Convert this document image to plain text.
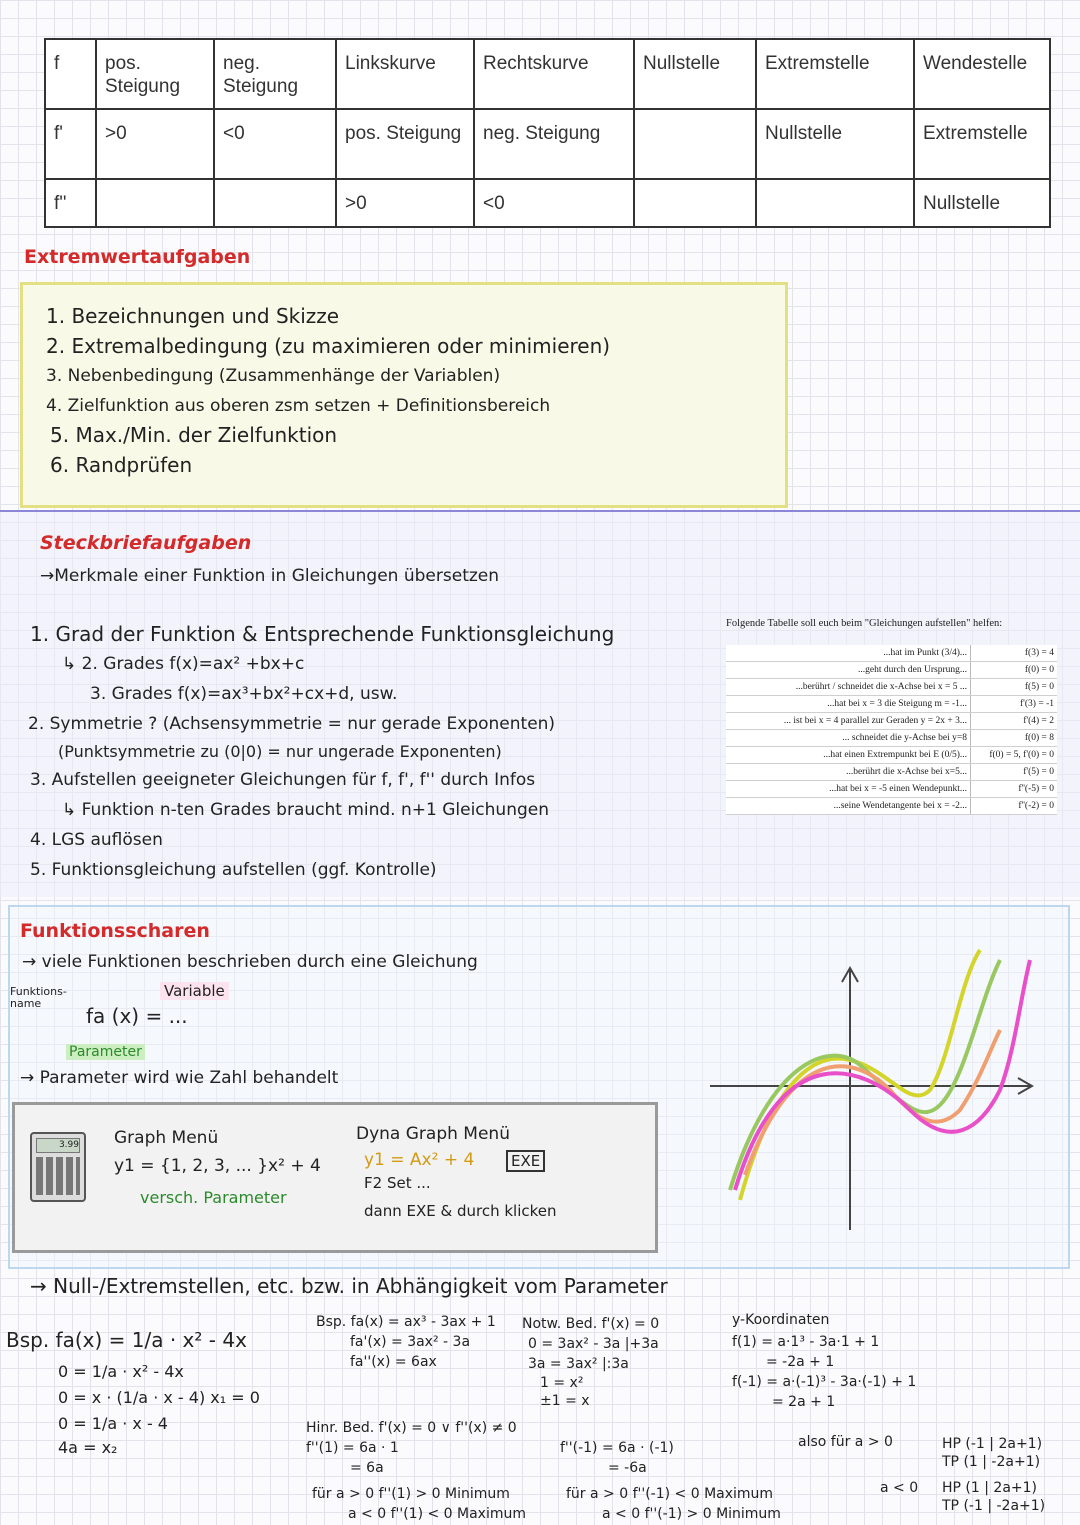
f	pos. Steigung	neg. Steigung	Linkskurve	Rechtskurve	Nullstelle	Extremstelle	Wendestelle
f'	>0	<0	pos. Steigung	neg. Steigung		Nullstelle	Extremstelle
f''			>0	<0			Nullstelle
Extremwertaufgaben
1. Bezeichnungen und Skizze
2. Extremalbedingung (zu maximieren oder minimieren)
3. Nebenbedingung (Zusammenhänge der Variablen)
4. Zielfunktion aus oberen zsm setzen + Definitionsbereich
5. Max./Min. der Zielfunktion
6. Randprüfen
Steckbriefaufgaben
→Merkmale einer Funktion in Gleichungen übersetzen
1. Grad der Funktion & Entsprechende Funktionsgleichung
↳ 2. Grades f(x)=ax² +bx+c
3. Grades f(x)=ax³+bx²+cx+d, usw.
2. Symmetrie ? (Achsensymmetrie = nur gerade Exponenten)
(Punktsymmetrie zu (0|0) = nur ungerade Exponenten)
3. Aufstellen geeigneter Gleichungen für f, f', f'' durch Infos
↳ Funktion n-ten Grades braucht mind. n+1 Gleichungen
4. LGS auflösen
5. Funktionsgleichung aufstellen (ggf. Kontrolle)
Folgende Tabelle soll euch beim "Gleichungen aufstellen" helfen:
...hat im Punkt (3/4)...	f(3) = 4
...geht durch den Ursprung...	f(0) = 0
...berührt / schneidet die x-Achse bei x = 5 ...	f(5) = 0
...hat bei x = 3 die Steigung m = -1...	f'(3) = -1
... ist bei x = 4 parallel zur Geraden y = 2x + 3...	f'(4) = 2
... schneidet die y-Achse bei y=8	f(0) = 8
...hat einen Extrempunkt bei E (0/5)...	f(0) = 5, f'(0) = 0
...berührt die x-Achse bei x=5...	f'(5) = 0
...hat bei x = -5 einen Wendepunkt...	f''(-5) = 0
...seine Wendetangente bei x = -2...	f''(-2) = 0
Funktionsscharen
→ viele Funktionen beschrieben durch eine Gleichung
Funktions-name
Variable
fa (x) = ...
Parameter
→ Parameter wird wie Zahl behandelt
3.99 Graph Menü
y1 = {1, 2, 3, ... }x² + 4
versch. Parameter
Dyna Graph Menü
y1 = Ax² + 4	EXE
F2 Set ...
dann EXE & durch klicken
→ Null-/Extremstellen, etc. bzw. in Abhängigkeit vom Parameter
Bsp. fa(x) = 1/a · x² - 4x
0 = 1/a · x² - 4x
0 = x · (1/a · x - 4) x₁ = 0
0 = 1/a · x - 4
4a = x₂
Bsp. fa(x) = ax³ - 3ax + 1
fa'(x) = 3ax² - 3a
fa''(x) = 6ax
Notw. Bed. f'(x) = 0
0 = 3ax² - 3a |+3a
3a = 3ax² |:3a
1 = x²
±1 = x
y-Koordinaten
f(1) = a·1³ - 3a·1 + 1
= -2a + 1
f(-1) = a·(-1)³ - 3a·(-1) + 1
= 2a + 1
Hinr. Bed. f'(x) = 0 ∨ f''(x) ≠ 0
f''(1) = 6a · 1
= 6a
f''(-1) = 6a · (-1)
= -6a
für a > 0 f''(1) > 0 Minimum
a < 0 f''(1) < 0 Maximum
für a > 0 f''(-1) < 0 Maximum
a < 0 f''(-1) > 0 Minimum
also für a > 0	HP (-1 | 2a+1)
TP (1 | -2a+1)
a < 0 HP (1 | 2a+1)
TP (-1 | -2a+1)
